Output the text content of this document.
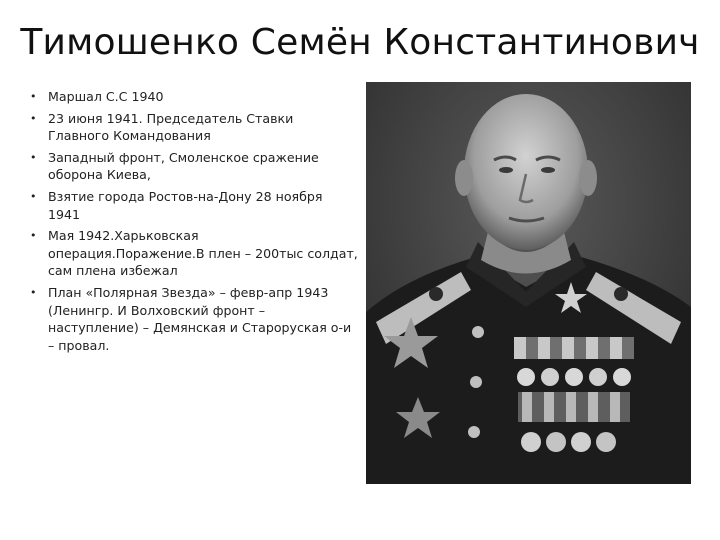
Тимошенко Семён Константинович
• Маршал С.С 1940
• 23 июня 1941. Председатель Ставки Главного Командования
• Западный фронт, Смоленское сражение оборона Киева,
• Взятие города Ростов-на-Дону 28 ноября 1941
• Мая 1942.Харьковская операция.Поражение.В плен – 200тыс солдат, сам плена избежал
• План «Полярная Звезда» – февр-апр 1943 (Ленингр. И Волховский фронт – наступление) – Демянская и Староруская о-и – провал.
